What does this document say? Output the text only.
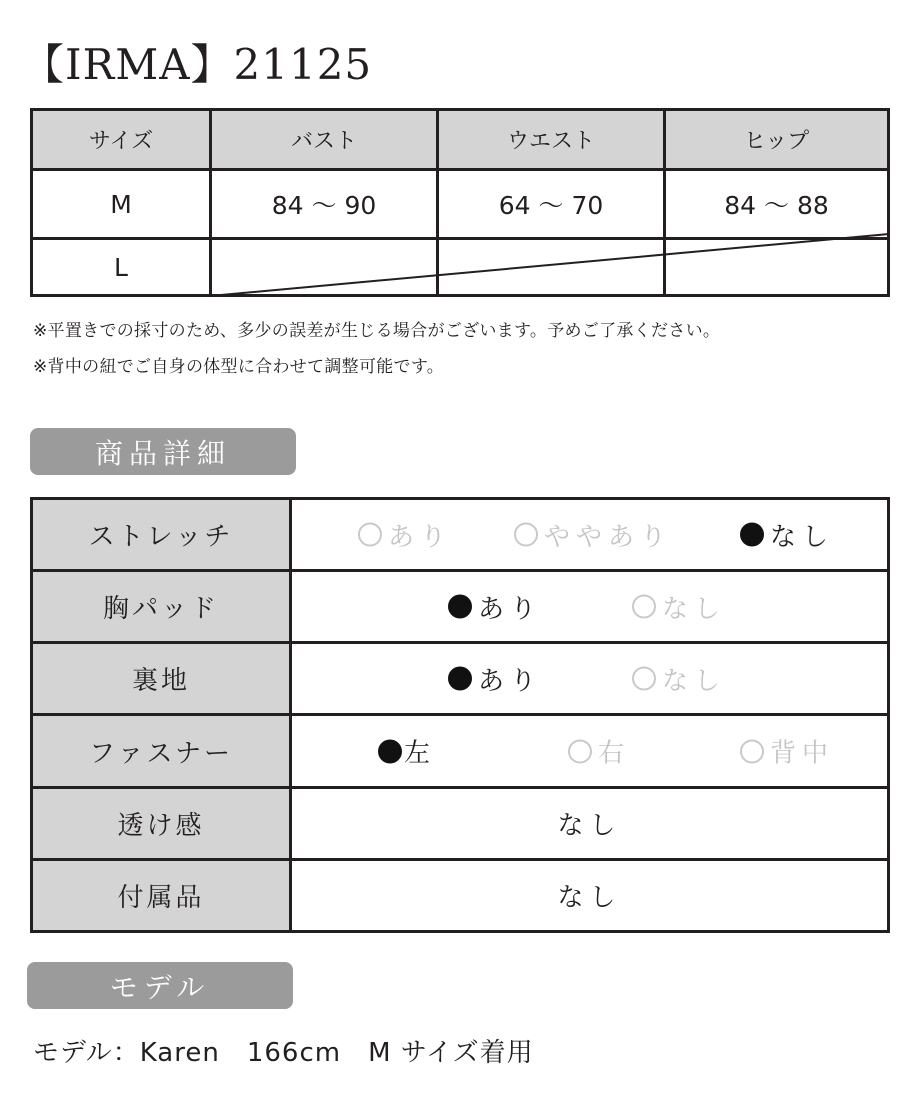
【IRMA】21125
サイズ	バスト	ウエスト	ヒップ
M	84 ～ 90	64 ～ 70	84 ～ 88
L			
※平置きでの採寸のため、多少の誤差が生じる場合がございます。予めご了承ください。
※背中の紐でご自身の体型に合わせて調整可能です。
商品詳細
ストレッチ	あり ややあり なし

胸パッド	あり なし

裏地	あり なし

ファスナー	左 右 背中

透け感	なし
付属品	なし
モデル
モデル：Karen　166cm　M サイズ着用
